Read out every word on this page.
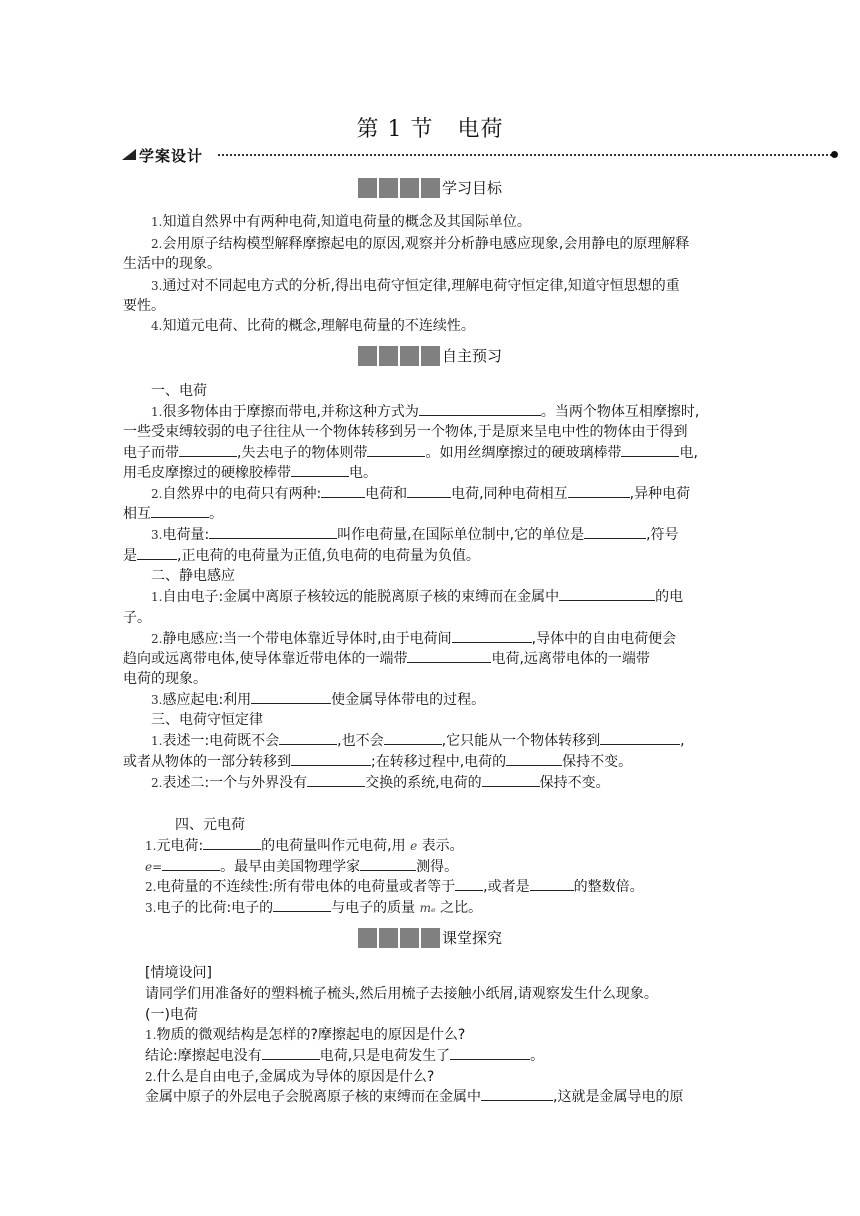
第 1 节 电荷
学案设计
学习目标
1.知道自然界中有两种电荷,知道电荷量的概念及其国际单位。
2.会用原子结构模型解释摩擦起电的原因,观察并分析静电感应现象,会用静电的原理解释
生活中的现象。
3.通过对不同起电方式的分析,得出电荷守恒定律,理解电荷守恒定律,知道守恒思想的重
要性。
4.知道元电荷、比荷的概念,理解电荷量的不连续性。
自主预习
一、电荷
1.很多物体由于摩擦而带电,并称这种方式为	。当两个物体互相摩擦时,
一些受束缚较弱的电子往往从一个物体转移到另一个物体,于是原来呈电中性的物体由于得到
电子而带	,失去电子的物体则带	。如用丝绸摩擦过的硬玻璃棒带	电,
用毛皮摩擦过的硬橡胶棒带	电。
2.自然界中的电荷只有两种:	电荷和	电荷,同种电荷相互	,异种电荷
相互	。
3.电荷量:	叫作电荷量,在国际单位制中,它的单位是	,符号
是	,正电荷的电荷量为正值,负电荷的电荷量为负值。
二、静电感应
1.自由电子:金属中离原子核较远的能脱离原子核的束缚而在金属中	的电
子。
2.静电感应:当一个带电体靠近导体时,由于电荷间	,导体中的自由电荷便会
趋向或远离带电体,使导体靠近带电体的一端带	电荷,远离带电体的一端带
电荷的现象。
3.感应起电:利用	使金属导体带电的过程。
三、电荷守恒定律
1.表述一:电荷既不会	,也不会	,它只能从一个物体转移到	,
或者从物体的一部分转移到	;在转移过程中,电荷的	保持不变。
2.表述二:一个与外界没有	交换的系统,电荷的	保持不变。
四、元电荷
1.元电荷:	的电荷量叫作元电荷,用 e 表示。
e=	。最早由美国物理学家	测得。
2.电荷量的不连续性:所有带电体的电荷量或者等于 ,或者是	的整数倍。
3.电子的比荷:电子的	与电子的质量 mₑ 之比。
课堂探究
[情境设问]
请同学们用准备好的塑料梳子梳头,然后用梳子去接触小纸屑,请观察发生什么现象。
(一)电荷
1.物质的微观结构是怎样的?摩擦起电的原因是什么?
结论:摩擦起电没有	电荷,只是电荷发生了	。
2.什么是自由电子,金属成为导体的原因是什么?
金属中原子的外层电子会脱离原子核的束缚而在金属中	,这就是金属导电的原
